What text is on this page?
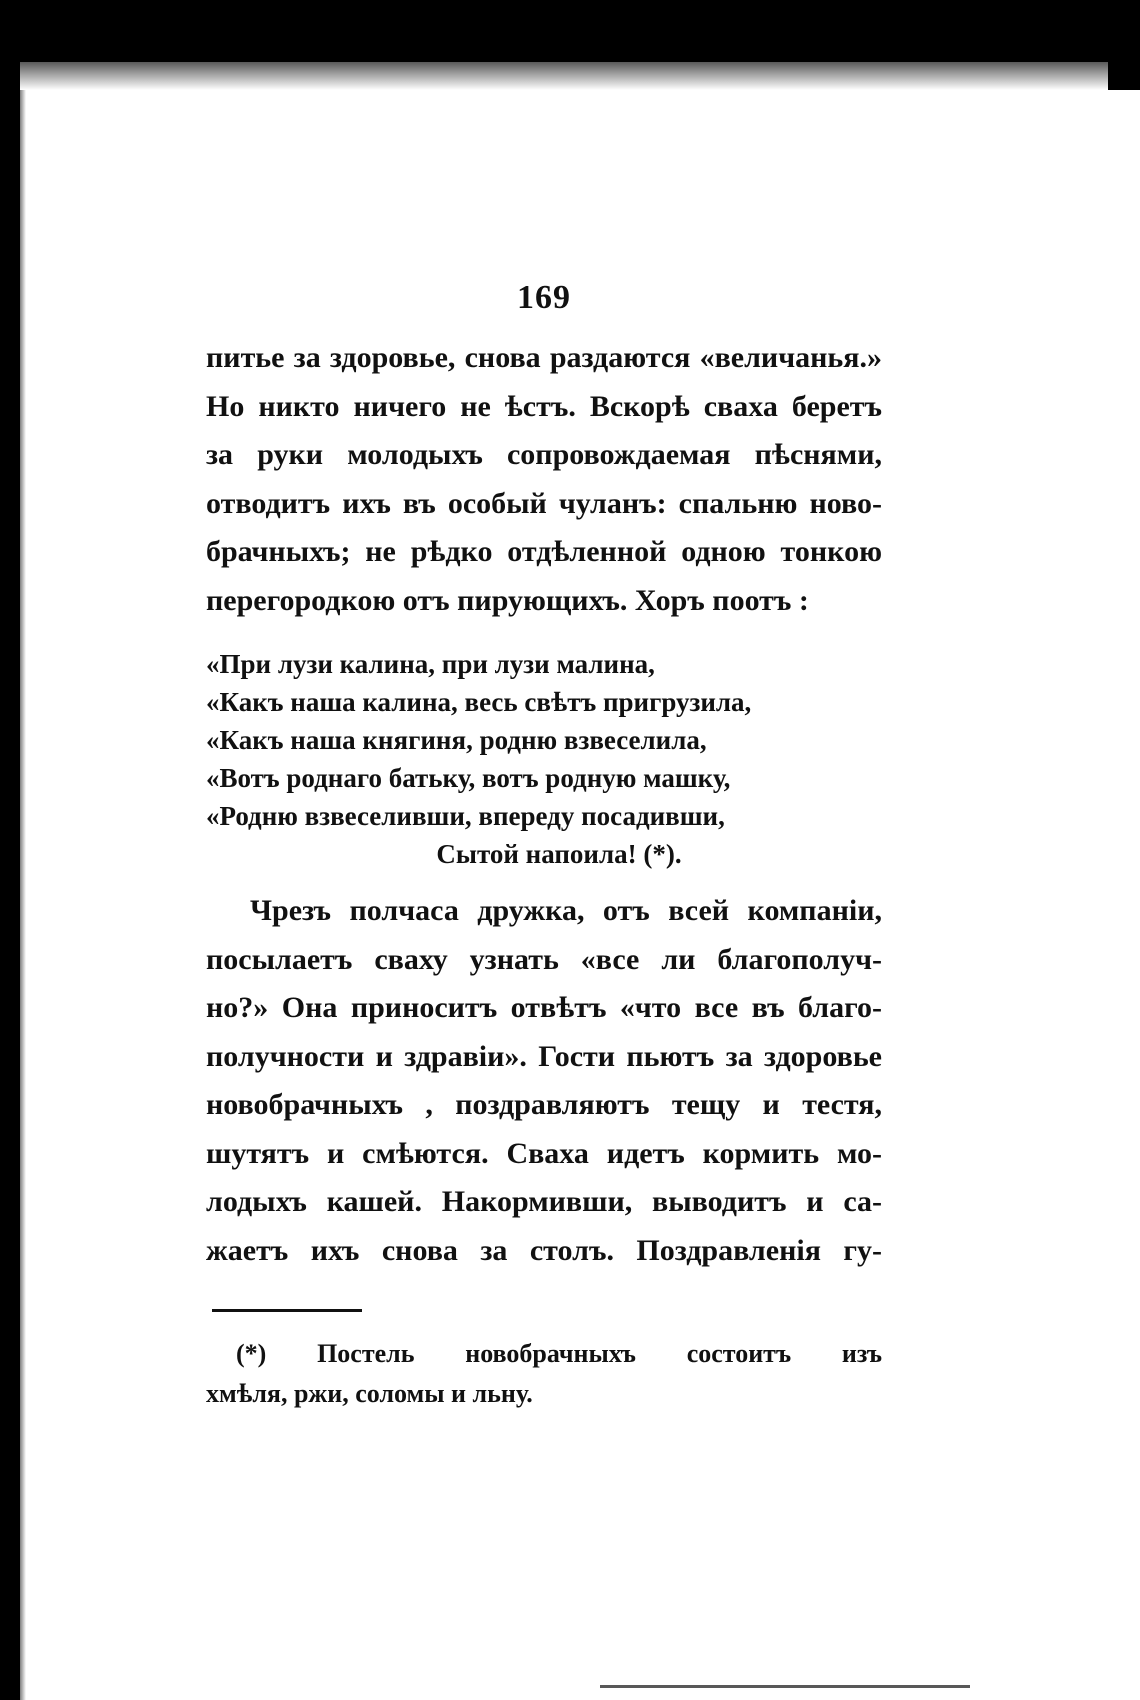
169
питье за здоровье, снова раздаются «величанья.»
Но никто ничего не ѣстъ. Вскорѣ сваха беретъ
за руки молодыхъ сопровождаемая пѣснями,
отводитъ ихъ въ особый чуланъ: спальню ново-
брачныхъ; не рѣдко отдѣленной одною тонкою
перегородкою отъ пирующихъ. Хоръ поотъ :
«При лузи калина, при лузи малина,
«Какъ наша калина, весь свѣтъ пригрузила,
«Какъ наша княгиня, родню взвеселила,
«Вотъ роднаго батьку, вотъ родную машку,
«Родню взвеселивши, впереду посадивши,
Сытой напоила! (*).
Чрезъ полчаса дружка, отъ всей компаніи,
посылаетъ сваху узнать «все ли благополуч-
но?» Она приноситъ отвѣтъ «что все въ благо-
получности и здравіи». Гости пьютъ за здоровье
новобрачныхъ , поздравляютъ тещу и тестя,
шутятъ и смѣются. Сваха идетъ кормить мо-
лодыхъ кашей. Накормивши, выводитъ и са-
жаетъ ихъ снова за столъ. Поздравленія гу-
(*) Постель новобрачныхъ состоитъ изъ
хмѣля, ржи, соломы и льну.
